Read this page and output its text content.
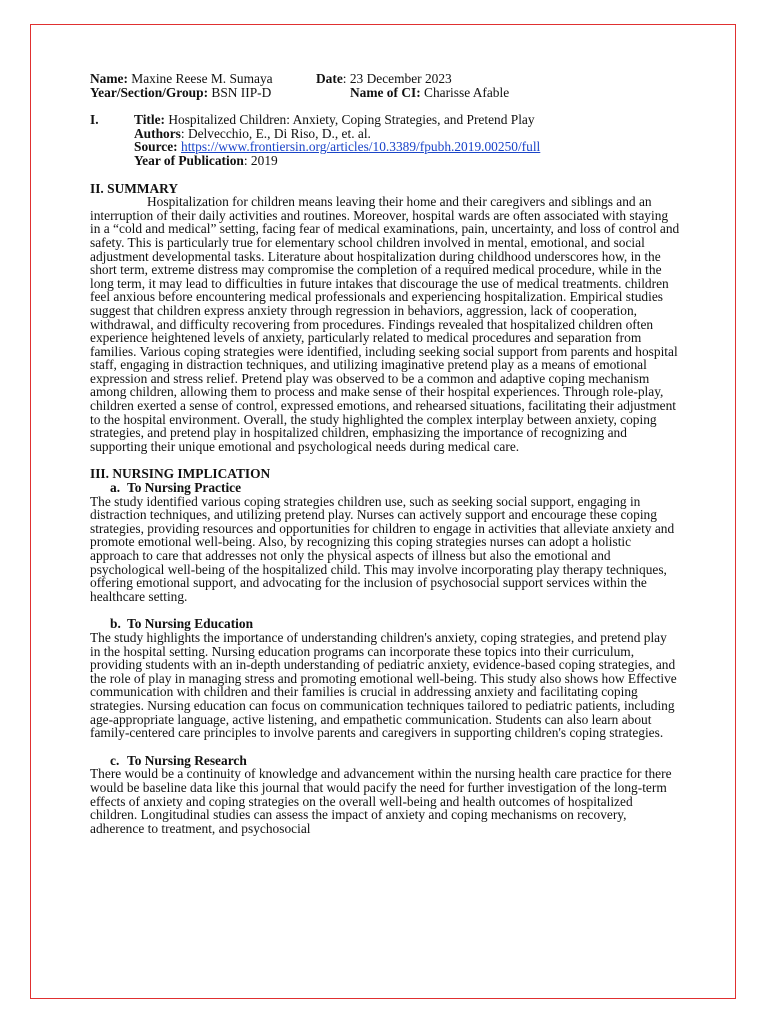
Name: Maxine Reese M. Sumaya	Date: 23 December 2023
Year/Section/Group: BSN IIP-D	Name of CI: Charisse Afable
I.	Title: Hospitalized Children: Anxiety, Coping Strategies, and Pretend Play
Authors: Delvecchio, E., Di Riso, D., et. al.
Source: https://www.frontiersin.org/articles/10.3389/fpubh.2019.00250/full
Year of Publication: 2019
II. SUMMARY

Hospitalization for children means leaving their home and their caregivers and siblings and an interruption of their daily activities and routines. Moreover, hospital wards are often associated with staying in a “cold and medical” setting, facing fear of medical examinations, pain, uncertainty, and loss of control and safety. This is particularly true for elementary school children involved in mental, emotional, and social adjustment developmental tasks. Literature about hospitalization during childhood underscores how, in the short term, extreme distress may compromise the completion of a required medical procedure, while in the long term, it may lead to difficulties in future intakes that discourage the use of medical treatments. children feel anxious before encountering medical professionals and experiencing hospitalization. Empirical studies suggest that children express anxiety through regression in behaviors, aggression, lack of cooperation, withdrawal, and difficulty recovering from procedures. Findings revealed that hospitalized children often experience heightened levels of anxiety, particularly related to medical procedures and separation from families. Various coping strategies were identified, including seeking social support from parents and hospital staff, engaging in distraction techniques, and utilizing imaginative pretend play as a means of emotional expression and stress relief. Pretend play was observed to be a common and adaptive coping mechanism among children, allowing them to process and make sense of their hospital experiences. Through role-play, children exerted a sense of control, expressed emotions, and rehearsed situations, facilitating their adjustment to the hospital environment. Overall, the study highlighted the complex interplay between anxiety, coping strategies, and pretend play in hospitalized children, emphasizing the importance of recognizing and supporting their unique emotional and psychological needs during medical care.

III. NURSING IMPLICATION
a. To Nursing Practice

The study identified various coping strategies children use, such as seeking social support, engaging in distraction techniques, and utilizing pretend play. Nurses can actively support and encourage these coping strategies, providing resources and opportunities for children to engage in activities that alleviate anxiety and promote emotional well-being. Also, by recognizing this coping strategies nurses can adopt a holistic approach to care that addresses not only the physical aspects of illness but also the emotional and psychological well-being of the hospitalized child. This may involve incorporating play therapy techniques, offering emotional support, and advocating for the inclusion of psychosocial support services within the healthcare setting.

b. To Nursing Education

The study highlights the importance of understanding children's anxiety, coping strategies, and pretend play in the hospital setting. Nursing education programs can incorporate these topics into their curriculum, providing students with an in-depth understanding of pediatric anxiety, evidence-based coping strategies, and the role of play in managing stress and promoting emotional well-being. This study also shows how Effective communication with children and their families is crucial in addressing anxiety and facilitating coping strategies. Nursing education can focus on communication techniques tailored to pediatric patients, including age-appropriate language, active listening, and empathetic communication. Students can also learn about family-centered care principles to involve parents and caregivers in supporting children's coping strategies.

c. To Nursing Research

There would be a continuity of knowledge and advancement within the nursing health care practice for there would be baseline data like this journal that would pacify the need for further investigation of the long-term effects of anxiety and coping strategies on the overall well-being and health outcomes of hospitalized children. Longitudinal studies can assess the impact of anxiety and coping mechanisms on recovery, adherence to treatment, and psychosocial
